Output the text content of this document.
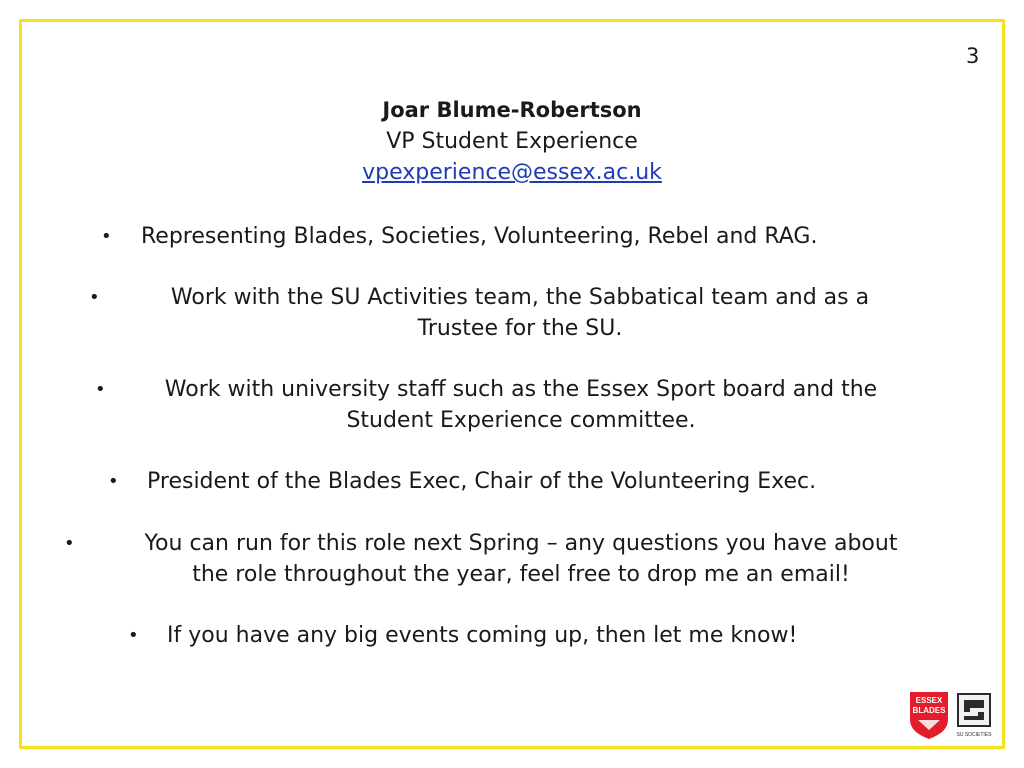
3
Joar Blume-Robertson
VP Student Experience
vpexperience@essex.ac.uk
• Representing Blades, Societies, Volunteering, Rebel and RAG.
•	Work with the SU Activities team, the Sabbatical team and as a
Trustee for the SU.
•	Work with university staff such as the Essex Sport board and the
Student Experience committee.
• President of the Blades Exec, Chair of the Volunteering Exec.
•	You can run for this role next Spring – any questions you have about
the role throughout the year, feel free to drop me an email!
• If you have any big events coming up, then let me know!
ESSEX
BLADES
SU SOCIETIES
